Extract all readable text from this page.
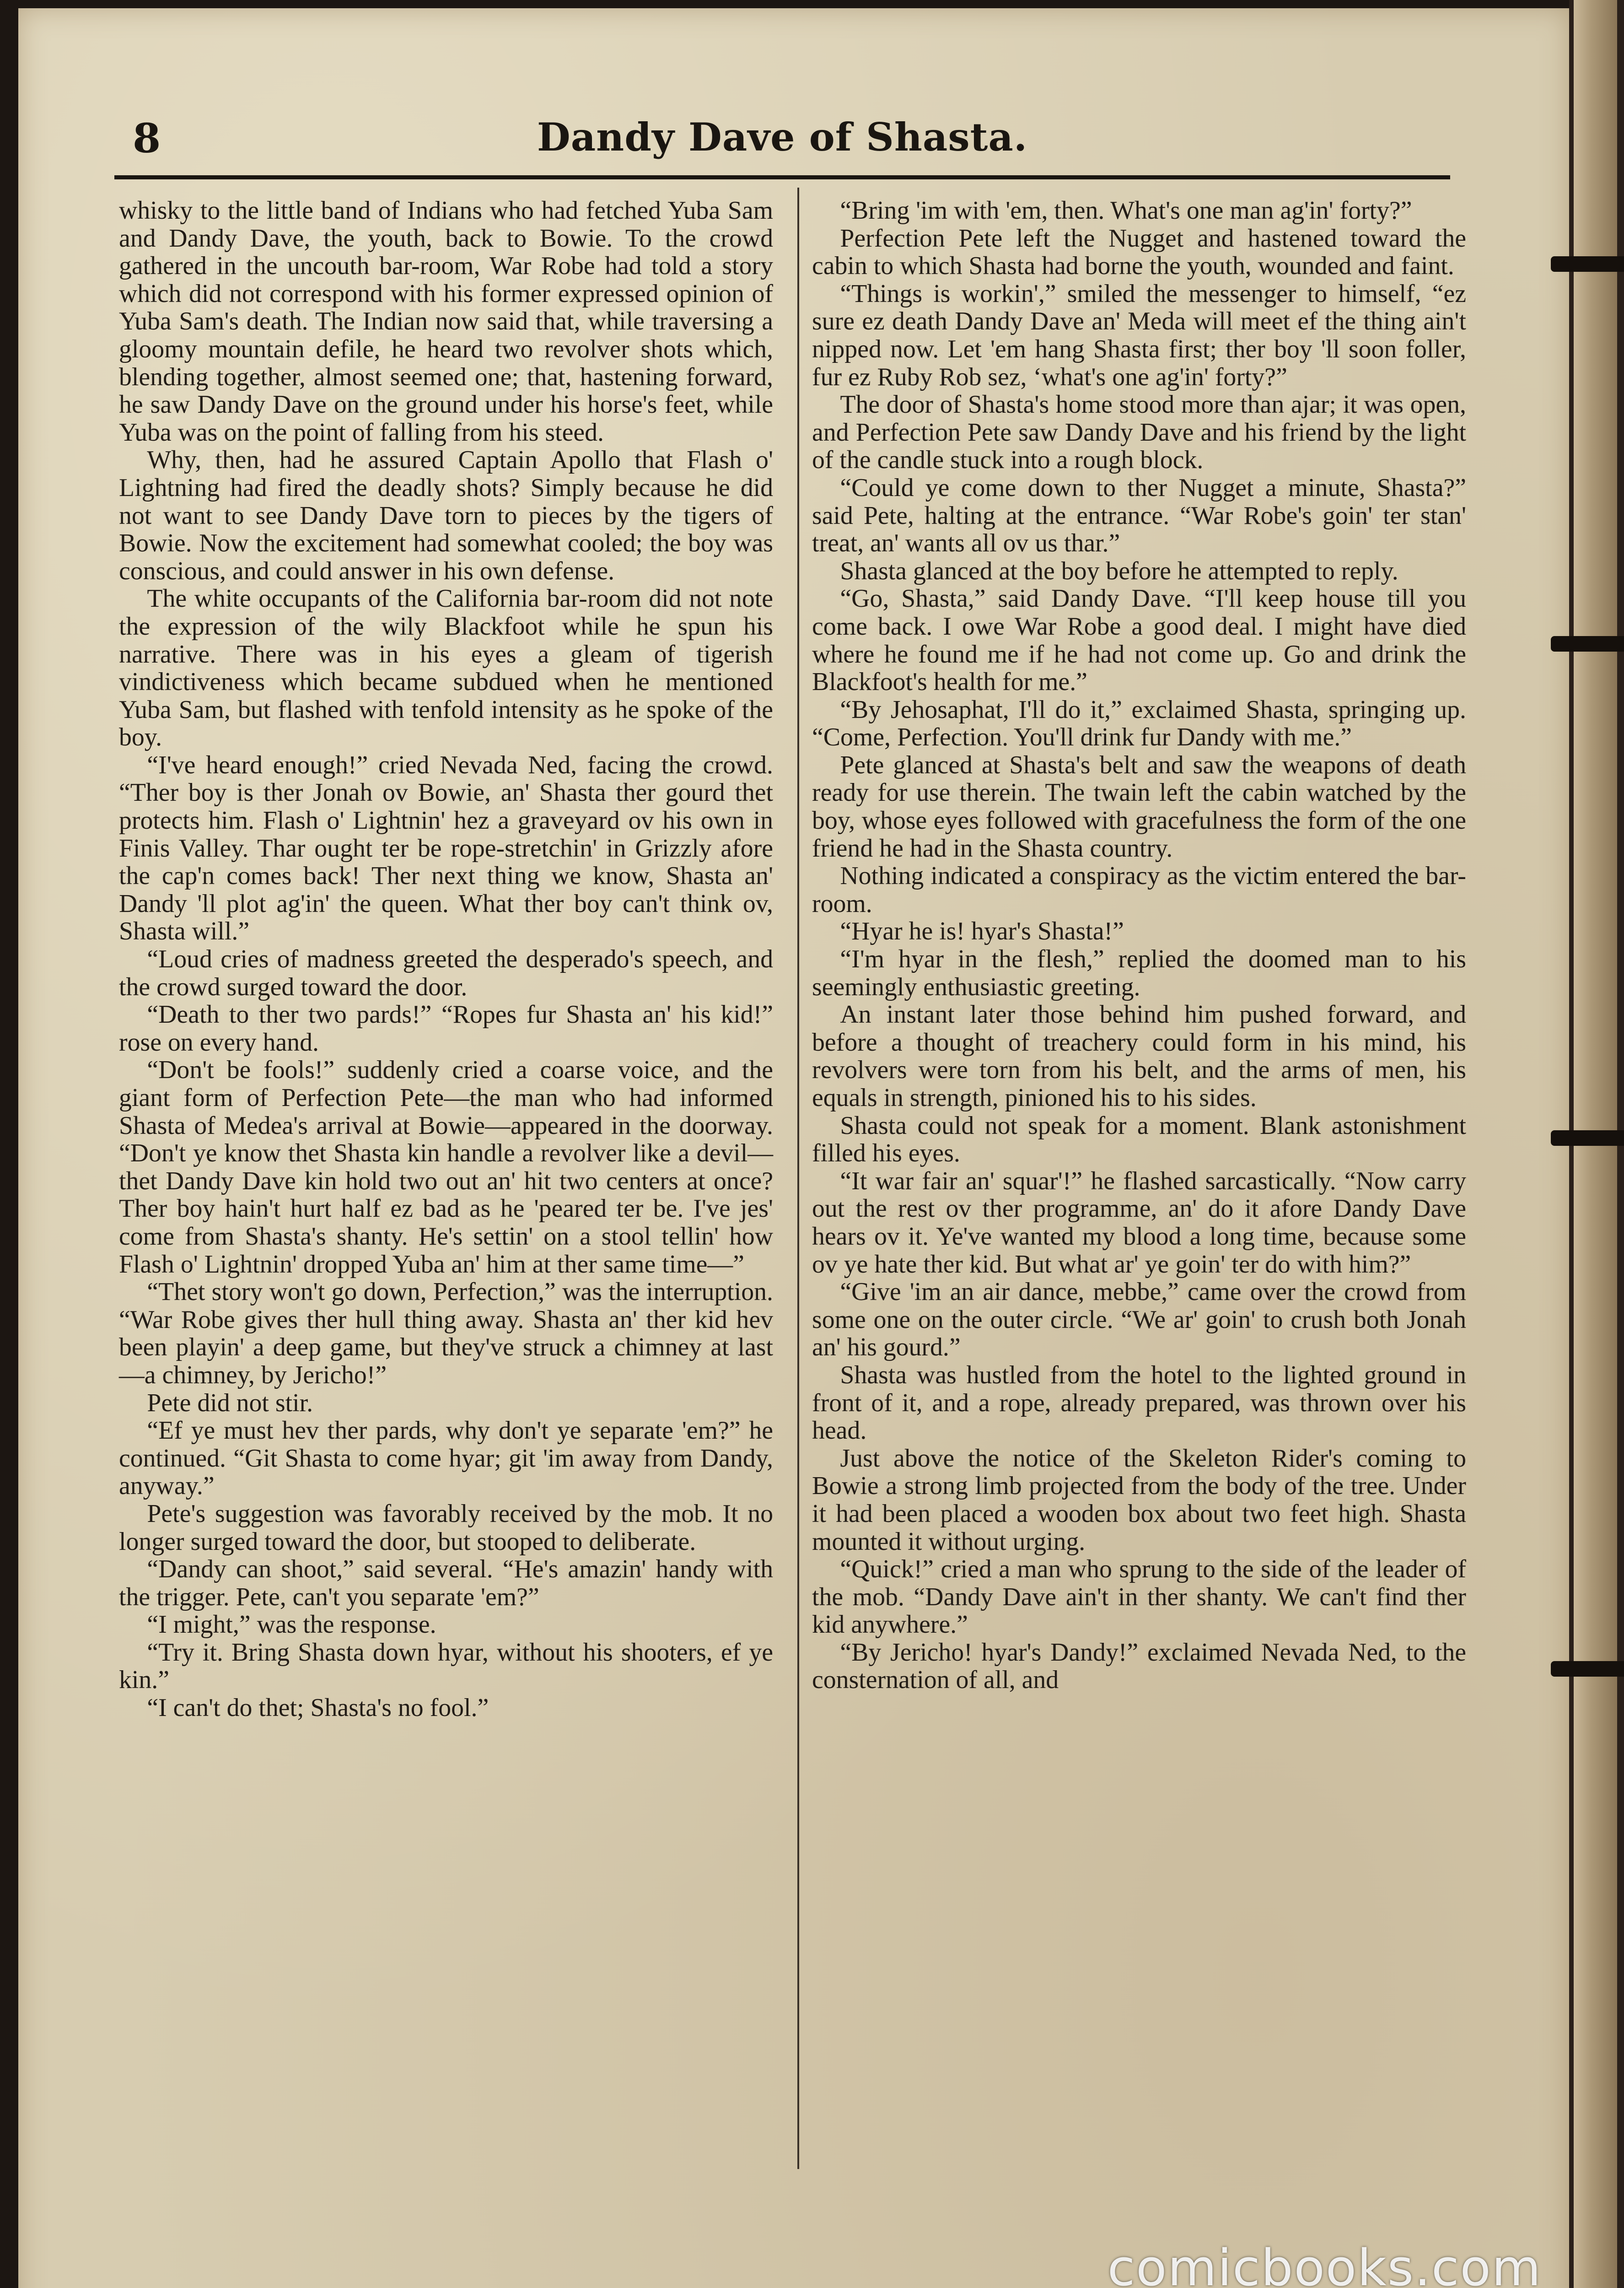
8	Dandy Dave of Shasta.

whisky to the little band of Indians who had fetched Yuba Sam and Dandy Dave, the youth, back to Bowie. To the crowd gathered in the uncouth bar-room, War Robe had told a story which did not correspond with his former expressed opinion of Yuba Sam's death. The Indian now said that, while traversing a gloomy mountain defile, he heard two revolver shots which, blending together, almost seemed one; that, hastening forward, he saw Dandy Dave on the ground under his horse's feet, while Yuba was on the point of falling from his steed.

Why, then, had he assured Captain Apollo that Flash o' Lightning had fired the deadly shots? Simply because he did not want to see Dandy Dave torn to pieces by the tigers of Bowie. Now the excitement had somewhat cooled; the boy was conscious, and could answer in his own defense.

The white occupants of the California bar-room did not note the expression of the wily Blackfoot while he spun his narrative. There was in his eyes a gleam of tigerish vindictiveness which became subdued when he mentioned Yuba Sam, but flashed with tenfold intensity as he spoke of the boy.

“I've heard enough!” cried Nevada Ned, facing the crowd. “Ther boy is ther Jonah ov Bowie, an' Shasta ther gourd thet protects him. Flash o' Lightnin' hez a graveyard ov his own in Finis Valley. Thar ought ter be rope-stretchin' in Grizzly afore the cap'n comes back! Ther next thing we know, Shasta an' Dandy 'll plot ag'in' the queen. What ther boy can't think ov, Shasta will.”

“Loud cries of madness greeted the desperado's speech, and the crowd surged toward the door.

“Death to ther two pards!” “Ropes fur Shasta an' his kid!” rose on every hand.

“Don't be fools!” suddenly cried a coarse voice, and the giant form of Perfection Pete—the man who had informed Shasta of Medea's arrival at Bowie—appeared in the doorway. “Don't ye know thet Shasta kin handle a revolver like a devil—thet Dandy Dave kin hold two out an' hit two centers at once? Ther boy hain't hurt half ez bad as he 'peared ter be. I've jes' come from Shasta's shanty. He's settin' on a stool tellin' how Flash o' Lightnin' dropped Yuba an' him at ther same time—”

“Thet story won't go down, Perfection,” was the interruption. “War Robe gives ther hull thing away. Shasta an' ther kid hev been playin' a deep game, but they've struck a chimney at last—a chimney, by Jericho!”

Pete did not stir.

“Ef ye must hev ther pards, why don't ye separate 'em?” he continued. “Git Shasta to come hyar; git 'im away from Dandy, anyway.”

Pete's suggestion was favorably received by the mob. It no longer surged toward the door, but stooped to deliberate.

“Dandy can shoot,” said several. “He's amazin' handy with the trigger. Pete, can't you separate 'em?”

“I might,” was the response.

“Try it. Bring Shasta down hyar, without his shooters, ef ye kin.”

“I can't do thet; Shasta's no fool.”

“Bring 'im with 'em, then. What's one man ag'in' forty?”

Perfection Pete left the Nugget and hastened toward the cabin to which Shasta had borne the youth, wounded and faint.

“Things is workin',” smiled the messenger to himself, “ez sure ez death Dandy Dave an' Meda will meet ef the thing ain't nipped now. Let 'em hang Shasta first; ther boy 'll soon foller, fur ez Ruby Rob sez, ‘what's one ag'in' forty?”

The door of Shasta's home stood more than ajar; it was open, and Perfection Pete saw Dandy Dave and his friend by the light of the candle stuck into a rough block.

“Could ye come down to ther Nugget a minute, Shasta?” said Pete, halting at the entrance. “War Robe's goin' ter stan' treat, an' wants all ov us thar.”

Shasta glanced at the boy before he attempted to reply.

“Go, Shasta,” said Dandy Dave. “I'll keep house till you come back. I owe War Robe a good deal. I might have died where he found me if he had not come up. Go and drink the Blackfoot's health for me.”

“By Jehosaphat, I'll do it,” exclaimed Shasta, springing up. “Come, Perfection. You'll drink fur Dandy with me.”

Pete glanced at Shasta's belt and saw the weapons of death ready for use therein. The twain left the cabin watched by the boy, whose eyes followed with gracefulness the form of the one friend he had in the Shasta country.

Nothing indicated a conspiracy as the victim entered the bar-room.

“Hyar he is! hyar's Shasta!”

“I'm hyar in the flesh,” replied the doomed man to his seemingly enthusiastic greeting.

An instant later those behind him pushed forward, and before a thought of treachery could form in his mind, his revolvers were torn from his belt, and the arms of men, his equals in strength, pinioned his to his sides.

Shasta could not speak for a moment. Blank astonishment filled his eyes.

“It war fair an' squar'!” he flashed sarcastically. “Now carry out the rest ov ther programme, an' do it afore Dandy Dave hears ov it. Ye've wanted my blood a long time, because some ov ye hate ther kid. But what ar' ye goin' ter do with him?”

“Give 'im an air dance, mebbe,” came over the crowd from some one on the outer circle. “We ar' goin' to crush both Jonah an' his gourd.”

Shasta was hustled from the hotel to the lighted ground in front of it, and a rope, already prepared, was thrown over his head.

Just above the notice of the Skeleton Rider's coming to Bowie a strong limb projected from the body of the tree. Under it had been placed a wooden box about two feet high. Shasta mounted it without urging.

“Quick!” cried a man who sprung to the side of the leader of the mob. “Dandy Dave ain't in ther shanty. We can't find ther kid anywhere.”

“By Jericho! hyar's Dandy!” exclaimed Nevada Ned, to the consternation of all, and

comicbooks.com
